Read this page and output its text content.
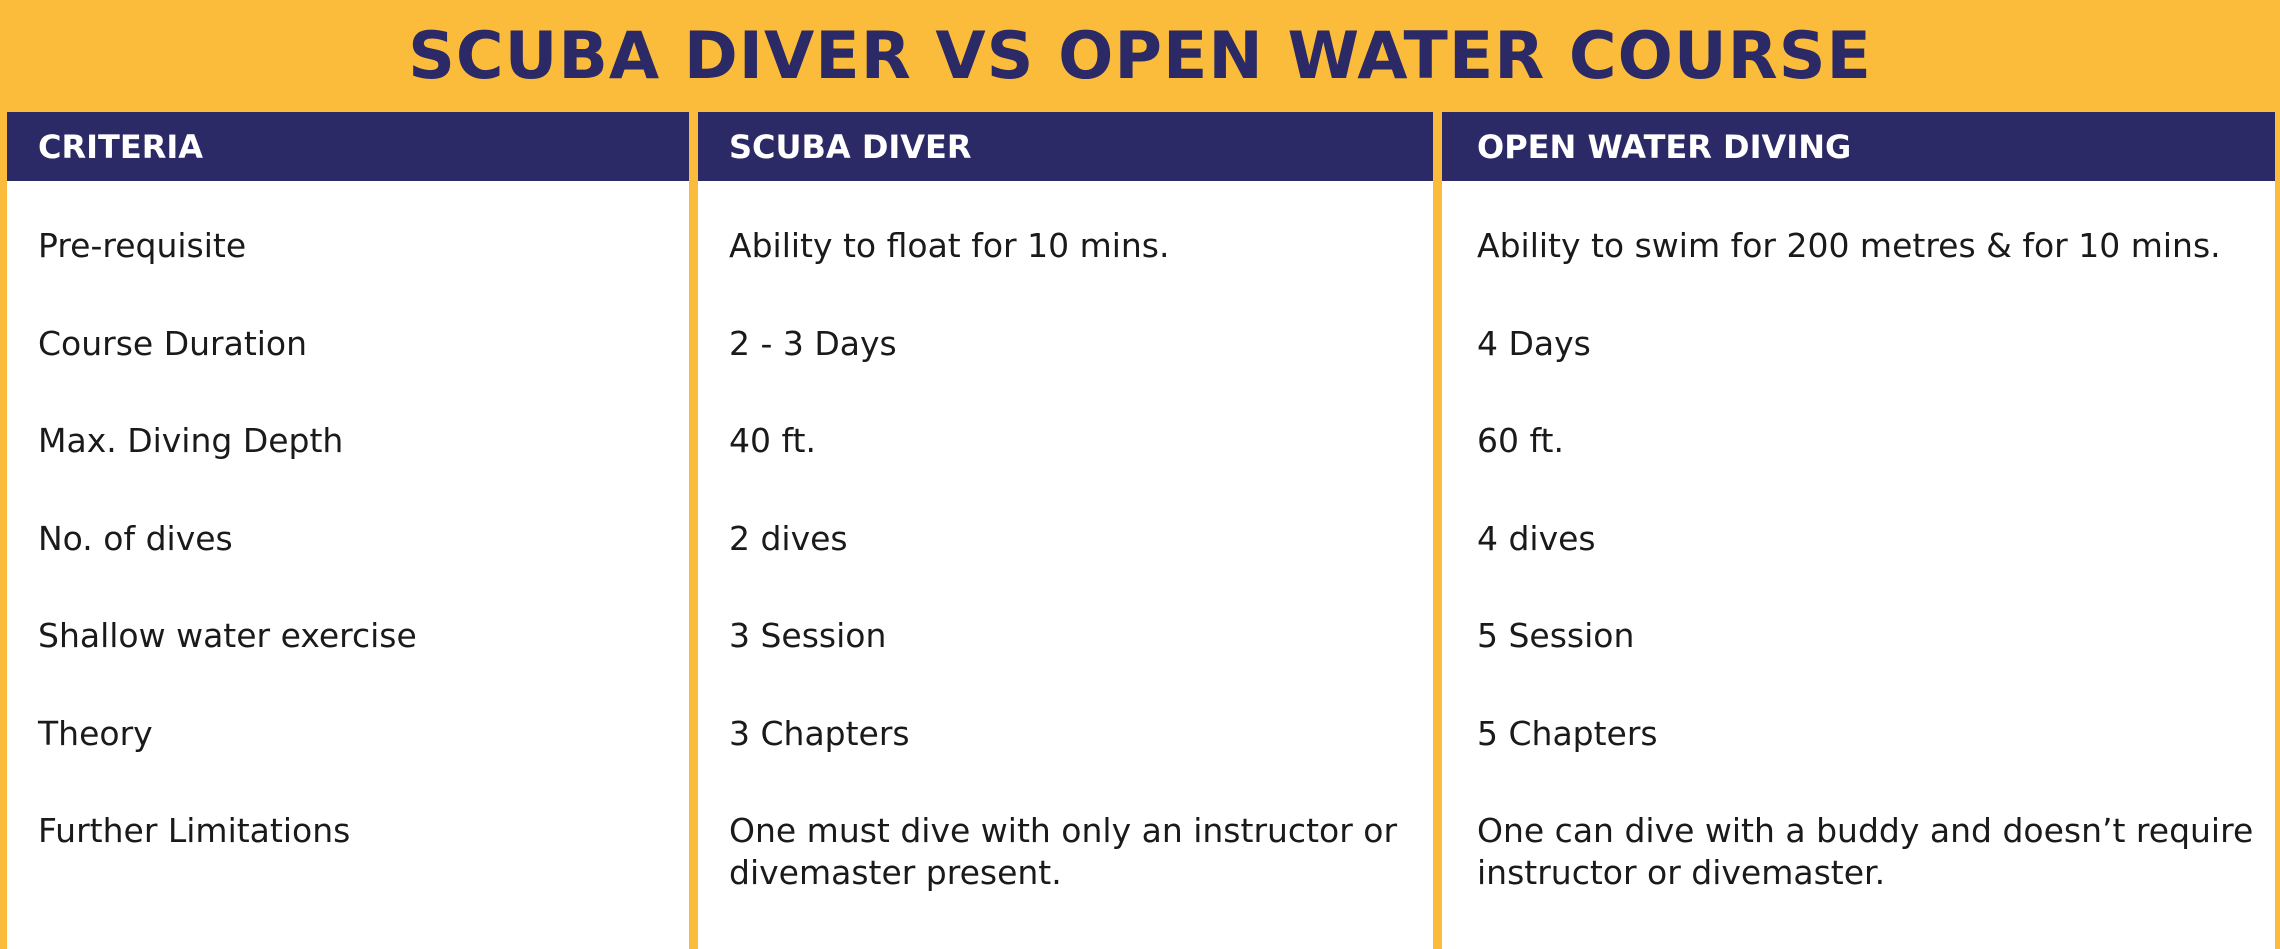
SCUBA DIVER VS OPEN WATER COURSE
CRITERIA
Pre-requisite
Course Duration
Max. Diving Depth
No. of dives
Shallow water exercise
Theory
Further Limitations
SCUBA DIVER
Ability to float for 10 mins.
2 - 3 Days
40 ft.
2 dives
3 Session
3 Chapters
One must dive with only an instructor or divemaster present.
OPEN WATER DIVING
Ability to swim for 200 metres & for 10 mins.
4 Days
60 ft.
4 dives
5 Session
5 Chapters
One can dive with a buddy and doesn’t require instructor or divemaster.
